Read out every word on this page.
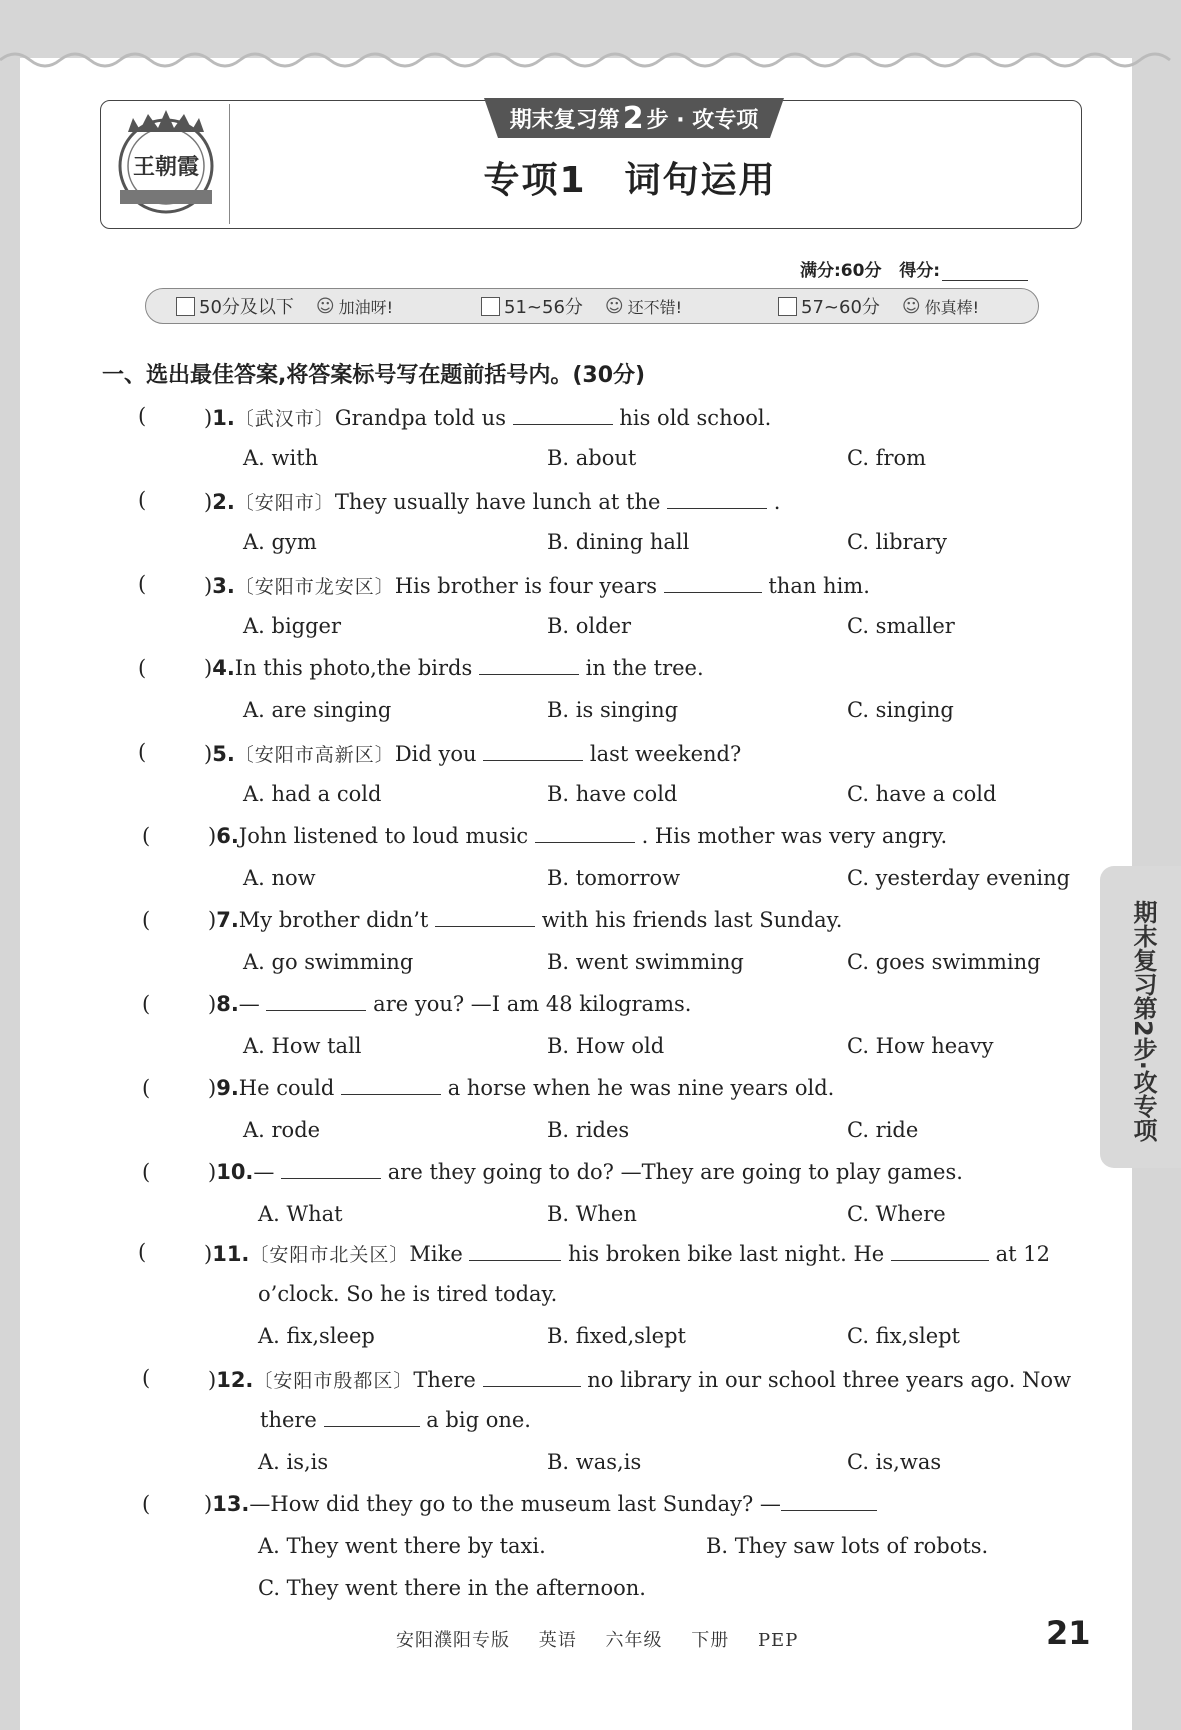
王朝霞
期末复习第 2 步 · 攻专项
专项1　词句运用
满分:60分 得分:
50分及以下 ☺ 加油呀!	51~56分 ☺ 还不错!	57~60分 ☺ 你真棒!
一、选出最佳答案,将答案标号写在题前括号内。(30分)
(	)1.〔武汉市〕Grandpa told us	his old school.
A. with	B. about	C. from
(	)2.〔安阳市〕They usually have lunch at the	.
A. gym	B. dining hall	C. library
(	)3.〔安阳市龙安区〕His brother is four years	than him.
A. bigger	B. older	C. smaller
(	)4.In this photo,the birds	in the tree.
A. are singing	B. is singing	C. singing
(	)5.〔安阳市高新区〕Did you	last weekend?
A. had a cold	B. have cold	C. have a cold
(	)6.John listened to loud music	. His mother was very angry.
A. now	B. tomorrow	C. yesterday evening
(	)7.My brother didn’t	with his friends last Sunday.
A. go swimming	B. went swimming	C. goes swimming
(	)8.—	are you? —I am 48 kilograms.
A. How tall	B. How old	C. How heavy
(	)9.He could	a horse when he was nine years old.
A. rode	B. rides	C. ride
(	)10.—	are they going to do? —They are going to play games.
A. What	B. When	C. Where
(	)11.〔安阳市北关区〕Mike	his broken bike last night. He	at 12
o’clock. So he is tired today.
A. fix,sleep	B. fixed,slept	C. fix,slept
(	)12.〔安阳市殷都区〕There	no library in our school three years ago. Now
there	a big one.
A. is,is	B. was,is	C. is,was
(	)13.—How did they go to the museum last Sunday? —
A. They went there by taxi.	B. They saw lots of robots.
C. They went there in the afternoon.
期末复习第2步·攻专项
安阳濮阳专版 英语 六年级 下册 PEP	21
